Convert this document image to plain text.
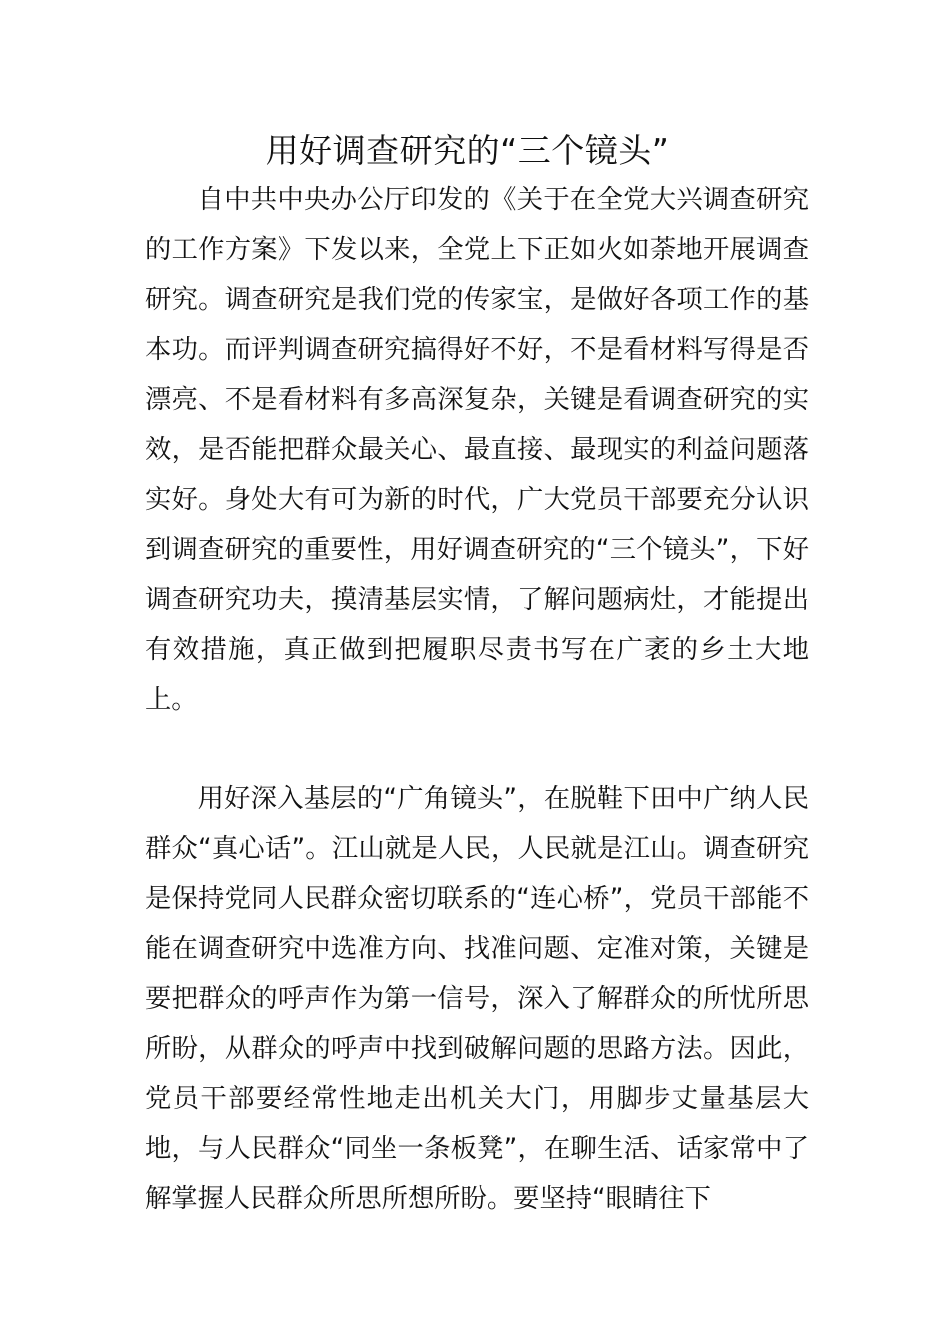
用好调查研究的“三个镜头”

自中共中央办公厅印发的《关于在全党大兴调查研究的工作方案》下发以来，全党上下正如火如荼地开展调查研究。调查研究是我们党的传家宝，是做好各项工作的基本功。而评判调查研究搞得好不好，不是看材料写得是否漂亮、不是看材料有多高深复杂，关键是看调查研究的实效，是否能把群众最关心、最直接、最现实的利益问题落实好。身处大有可为新的时代，广大党员干部要充分认识到调查研究的重要性，用好调查研究的“三个镜头”，下好调查研究功夫，摸清基层实情，了解问题病灶，才能提出有效措施，真正做到把履职尽责书写在广袤的乡土大地上。

用好深入基层的“广角镜头”，在脱鞋下田中广纳人民群众“真心话”。江山就是人民，人民就是江山。调查研究是保持党同人民群众密切联系的“连心桥”，党员干部能不能在调查研究中选准方向、找准问题、定准对策，关键是要把群众的呼声作为第一信号，深入了解群众的所忧所思所盼，从群众的呼声中找到破解问题的思路方法。因此，党员干部要经常性地走出机关大门，用脚步丈量基层大地，与人民群众“同坐一条板凳”，在聊生活、话家常中了解掌握人民群众所思所想所盼。要坚持“眼睛往下
